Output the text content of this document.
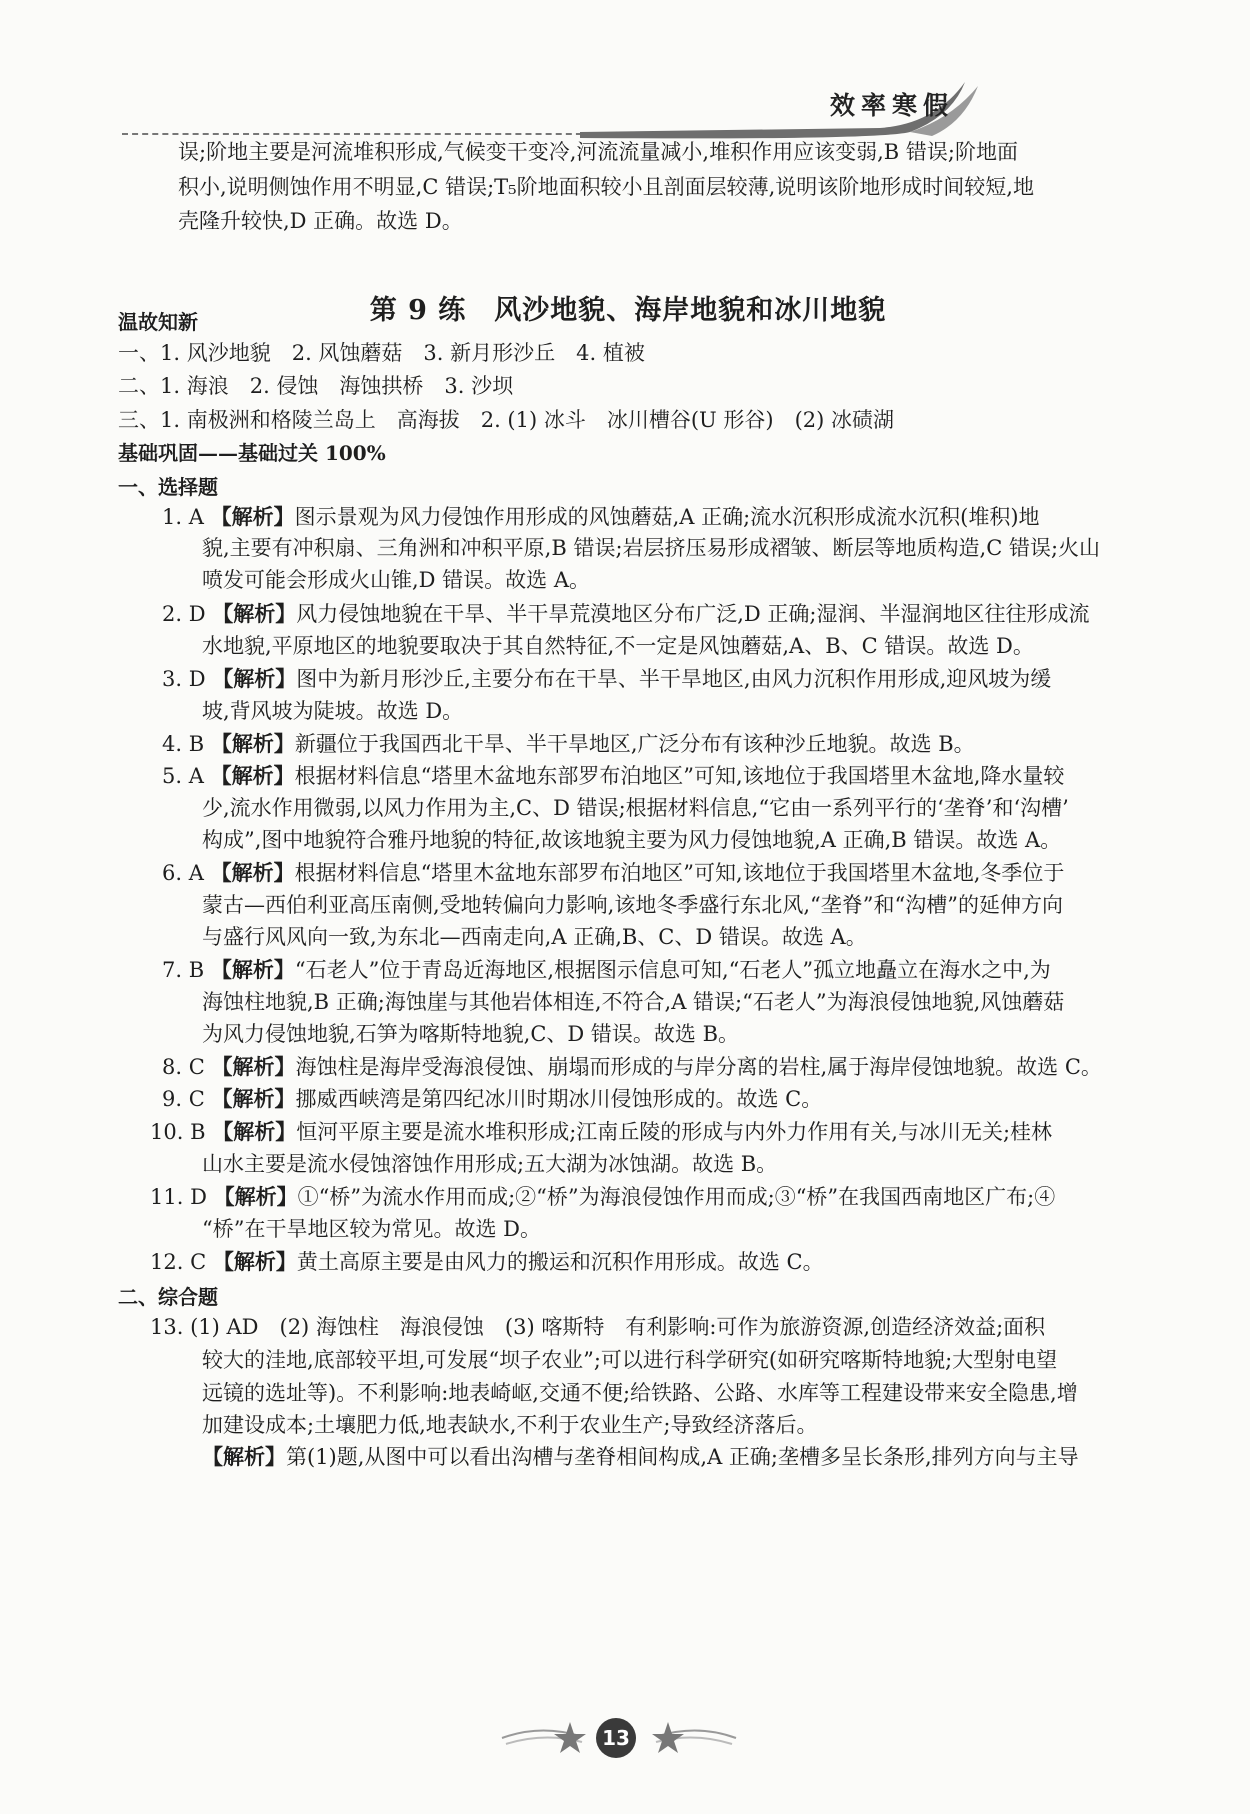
效率寒假
误;阶地主要是河流堆积形成,气候变干变冷,河流流量减小,堆积作用应该变弱,B 错误;阶地面
积小,说明侧蚀作用不明显,C 错误;T₅阶地面积较小且剖面层较薄,说明该阶地形成时间较短,地
壳隆升较快,D 正确。故选 D。
第 9 练　风沙地貌、海岸地貌和冰川地貌
温故知新
一、1. 风沙地貌　2. 风蚀蘑菇　3. 新月形沙丘　4. 植被
二、1. 海浪　2. 侵蚀　海蚀拱桥　3. 沙坝
三、1. 南极洲和格陵兰岛上　高海拔　2. (1) 冰斗　冰川槽谷(U 形谷)　(2) 冰碛湖
基础巩固——基础过关 100%
一、选择题
1. A 【解析】图示景观为风力侵蚀作用形成的风蚀蘑菇,A 正确;流水沉积形成流水沉积(堆积)地
貌,主要有冲积扇、三角洲和冲积平原,B 错误;岩层挤压易形成褶皱、断层等地质构造,C 错误;火山
喷发可能会形成火山锥,D 错误。故选 A。
2. D 【解析】风力侵蚀地貌在干旱、半干旱荒漠地区分布广泛,D 正确;湿润、半湿润地区往往形成流
水地貌,平原地区的地貌要取决于其自然特征,不一定是风蚀蘑菇,A、B、C 错误。故选 D。
3. D 【解析】图中为新月形沙丘,主要分布在干旱、半干旱地区,由风力沉积作用形成,迎风坡为缓
坡,背风坡为陡坡。故选 D。
4. B 【解析】新疆位于我国西北干旱、半干旱地区,广泛分布有该种沙丘地貌。故选 B。
5. A 【解析】根据材料信息“塔里木盆地东部罗布泊地区”可知,该地位于我国塔里木盆地,降水量较
少,流水作用微弱,以风力作用为主,C、D 错误;根据材料信息,“它由一系列平行的‘垄脊’和‘沟槽’
构成”,图中地貌符合雅丹地貌的特征,故该地貌主要为风力侵蚀地貌,A 正确,B 错误。故选 A。
6. A 【解析】根据材料信息“塔里木盆地东部罗布泊地区”可知,该地位于我国塔里木盆地,冬季位于
蒙古—西伯利亚高压南侧,受地转偏向力影响,该地冬季盛行东北风,“垄脊”和“沟槽”的延伸方向
与盛行风风向一致,为东北—西南走向,A 正确,B、C、D 错误。故选 A。
7. B 【解析】“石老人”位于青岛近海地区,根据图示信息可知,“石老人”孤立地矗立在海水之中,为
海蚀柱地貌,B 正确;海蚀崖与其他岩体相连,不符合,A 错误;“石老人”为海浪侵蚀地貌,风蚀蘑菇
为风力侵蚀地貌,石笋为喀斯特地貌,C、D 错误。故选 B。
8. C 【解析】海蚀柱是海岸受海浪侵蚀、崩塌而形成的与岸分离的岩柱,属于海岸侵蚀地貌。故选 C。
9. C 【解析】挪威西峡湾是第四纪冰川时期冰川侵蚀形成的。故选 C。
10. B 【解析】恒河平原主要是流水堆积形成;江南丘陵的形成与内外力作用有关,与冰川无关;桂林
山水主要是流水侵蚀溶蚀作用形成;五大湖为冰蚀湖。故选 B。
11. D 【解析】①“桥”为流水作用而成;②“桥”为海浪侵蚀作用而成;③“桥”在我国西南地区广布;④
“桥”在干旱地区较为常见。故选 D。
12. C 【解析】黄土高原主要是由风力的搬运和沉积作用形成。故选 C。
二、综合题
13. (1) AD　(2) 海蚀柱　海浪侵蚀　(3) 喀斯特　有利影响:可作为旅游资源,创造经济效益;面积
较大的洼地,底部较平坦,可发展“坝子农业”;可以进行科学研究(如研究喀斯特地貌;大型射电望
远镜的选址等)。不利影响:地表崎岖,交通不便;给铁路、公路、水库等工程建设带来安全隐患,增
加建设成本;土壤肥力低,地表缺水,不利于农业生产;导致经济落后。
【解析】第(1)题,从图中可以看出沟槽与垄脊相间构成,A 正确;垄槽多呈长条形,排列方向与主导
13
